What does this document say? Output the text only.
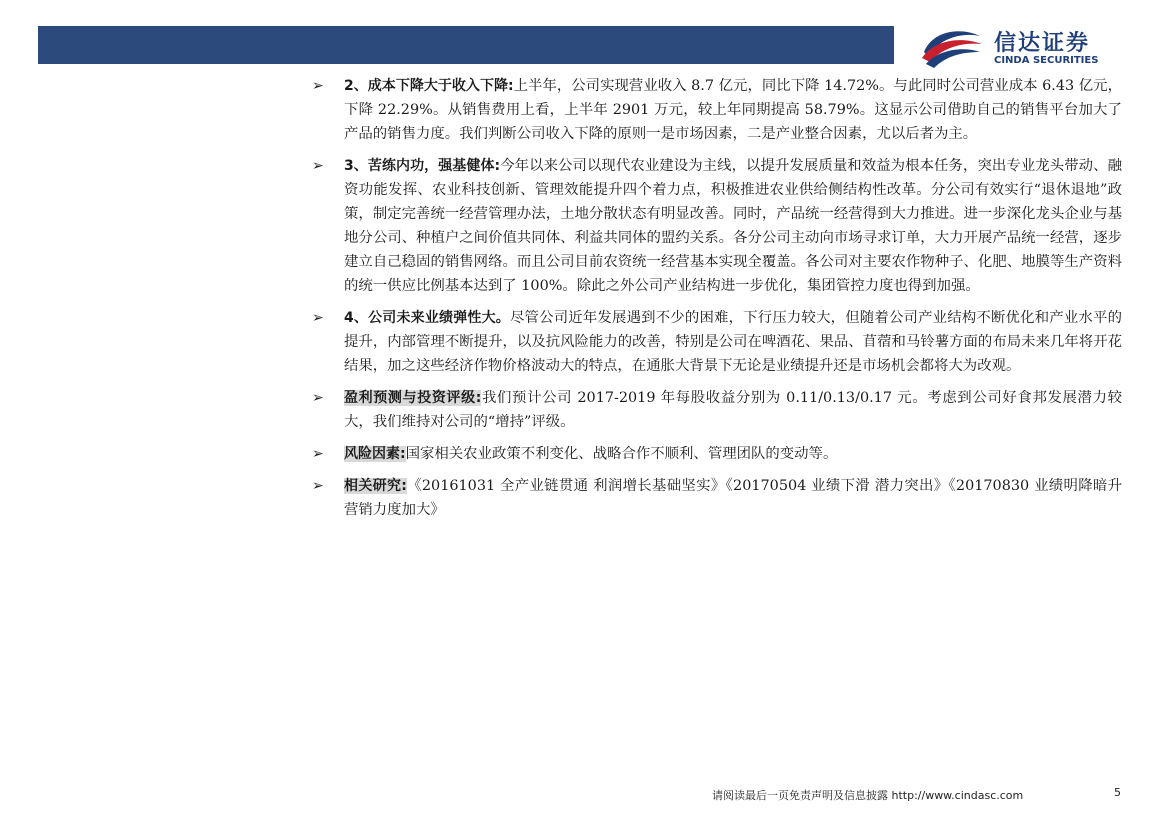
信达证券
CINDA SECURITIES
➢ 2、成本下降大于收入下降:上半年，公司实现营业收入 8.7 亿元，同比下降 14.72%。与此同时公司营业成本 6.43 亿元，下降 22.29%。从销售费用上看，上半年 2901 万元，较上年同期提高 58.79%。这显示公司借助自己的销售平台加大了产品的销售力度。我们判断公司收入下降的原则一是市场因素，二是产业整合因素，尤以后者为主。

➢ 3、苦练内功，强基健体:今年以来公司以现代农业建设为主线，以提升发展质量和效益为根本任务，突出专业龙头带动、融资功能发挥、农业科技创新、管理效能提升四个着力点，积极推进农业供给侧结构性改革。分公司有效实行“退休退地”政策，制定完善统一经营管理办法，土地分散状态有明显改善。同时，产品统一经营得到大力推进。进一步深化龙头企业与基地分公司、种植户之间价值共同体、利益共同体的盟约关系。各分公司主动向市场寻求订单，大力开展产品统一经营，逐步建立自己稳固的销售网络。而且公司目前农资统一经营基本实现全覆盖。各公司对主要农作物种子、化肥、地膜等生产资料的统一供应比例基本达到了 100%。除此之外公司产业结构进一步优化，集团管控力度也得到加强。

➢ 4、公司未来业绩弹性大。尽管公司近年发展遇到不少的困难，下行压力较大，但随着公司产业结构不断优化和产业水平的提升，内部管理不断提升，以及抗风险能力的改善，特别是公司在啤酒花、果品、苜蓿和马铃薯方面的布局未来几年将开花结果，加之这些经济作物价格波动大的特点，在通胀大背景下无论是业绩提升还是市场机会都将大为改观。

➢ 盈利预测与投资评级:我们预计公司 2017-2019 年每股收益分别为 0.11/0.13/0.17 元。考虑到公司好食邦发展潜力较大，我们维持对公司的“增持”评级。

➢ 风险因素:国家相关农业政策不利变化、战略合作不顺利、管理团队的变动等。

➢ 相关研究:《20161031 全产业链贯通 利润增长基础坚实》《20170504 业绩下滑 潜力突出》《20170830 业绩明降暗升 营销力度加大》

请阅读最后一页免责声明及信息披露 http://www.cindasc.com	5
